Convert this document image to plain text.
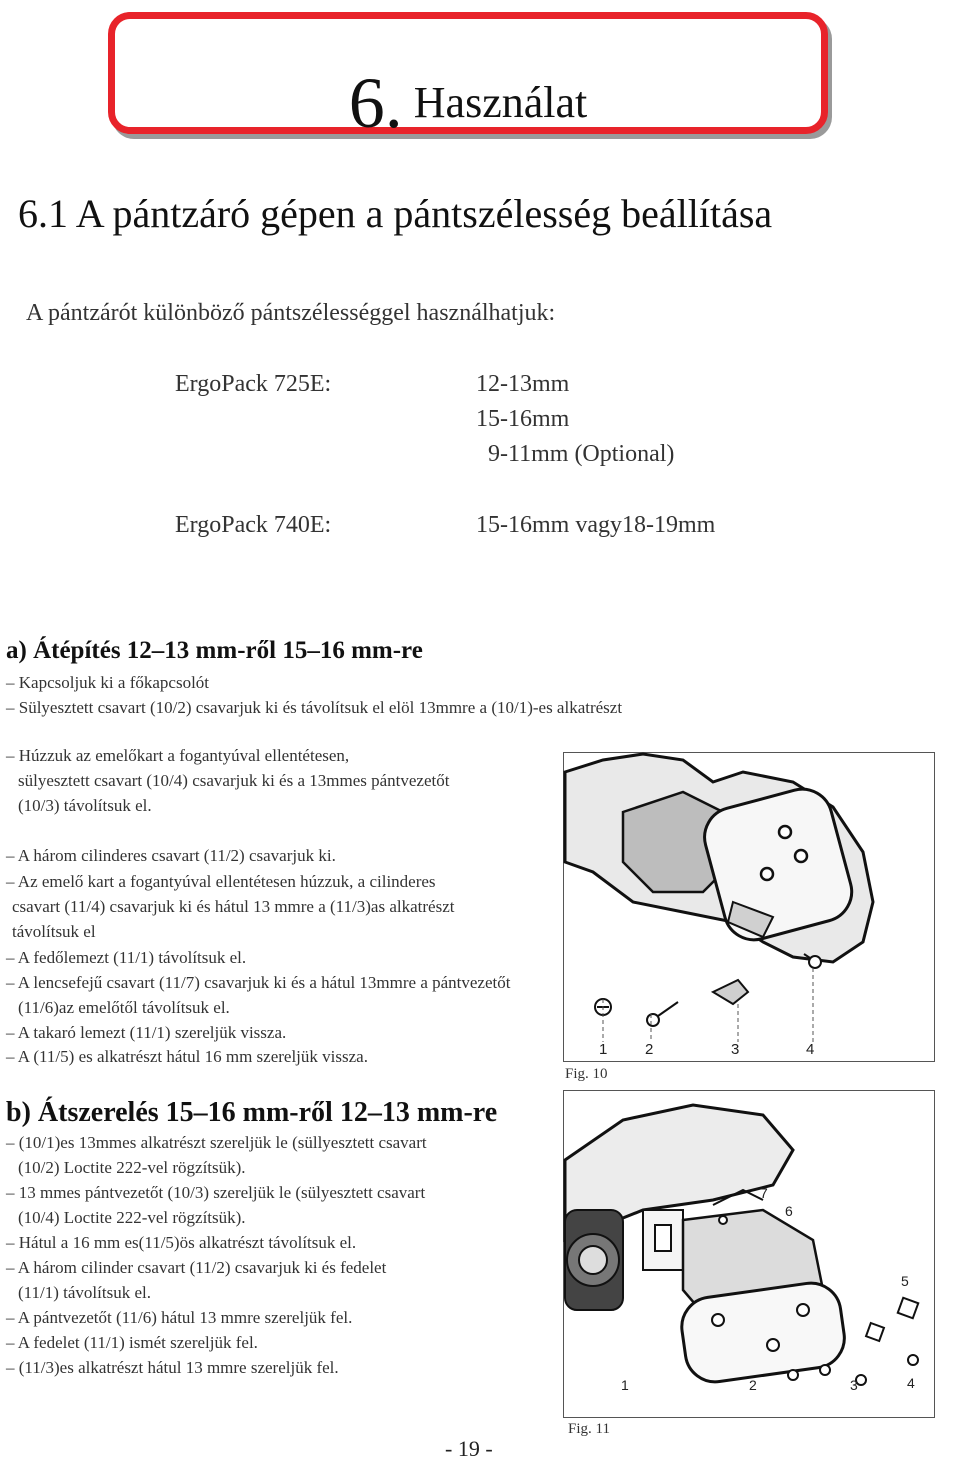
6. Használat
6.1 A pántzáró gépen a pántszélesség beállítása
A pántzárót különböző pántszélességgel használhatjuk:
ErgoPack 725E:	12-13mm
15-16mm
9-11mm (Optional)
ErgoPack 740E:	15-16mm vagy18-19mm
a) Átépítés 12–13 mm-ről 15–16 mm-re
– Kapcsoljuk ki a főkapcsolót
– Sülyesztett csavart (10/2) csavarjuk ki és távolítsuk el elöl 13mmre a (10/1)-es alkatrészt
– Húzzuk az emelőkart a fogantyúval ellentétesen,
sülyesztett csavart (10/4) csavarjuk ki és a 13mmes pántvezetőt
(10/3) távolítsuk el.
– A három cilinderes csavart (11/2) csavarjuk ki.
– Az emelő kart a fogantyúval ellentétesen húzzuk, a cilinderes
csavart (11/4) csavarjuk ki és hátul 13 mmre a (11/3)as alkatrészt
távolítsuk el
– A fedőlemezt (11/1) távolítsuk el.
– A lencsefejű csavart (11/7) csavarjuk ki és a hátul 13mmre a pántvezetőt
(11/6)az emelőtől távolítsuk el.
– A takaró lemezt (11/1) szereljük vissza.
– A (11/5) es alkatrészt hátul 16 mm szereljük vissza.
b) Átszerelés 15–16 mm-ről 12–13 mm-re
– (10/1)es 13mmes alkatrészt szereljük le (süllyesztett csavart
(10/2) Loctite 222-vel rögzítsük).
– 13 mmes pántvezetőt (10/3) szereljük le (sülyesztett csavart
(10/4) Loctite 222-vel rögzítsük).
– Hátul a 16 mm es(11/5)ös alkatrészt távolítsuk el.
– A három cilinder csavart (11/2) csavarjuk ki és fedelet
(11/1) távolítsuk el.
– A pántvezetőt (11/6) hátul 13 mmre szereljük fel.
– A fedelet (11/1) ismét szereljük fel.
– (11/3)es alkatrészt hátul 13 mmre szereljük fel.
1	2	3	4
Fig. 10
7
6
5
4
3
1	2
Fig. 11
- 19 -
